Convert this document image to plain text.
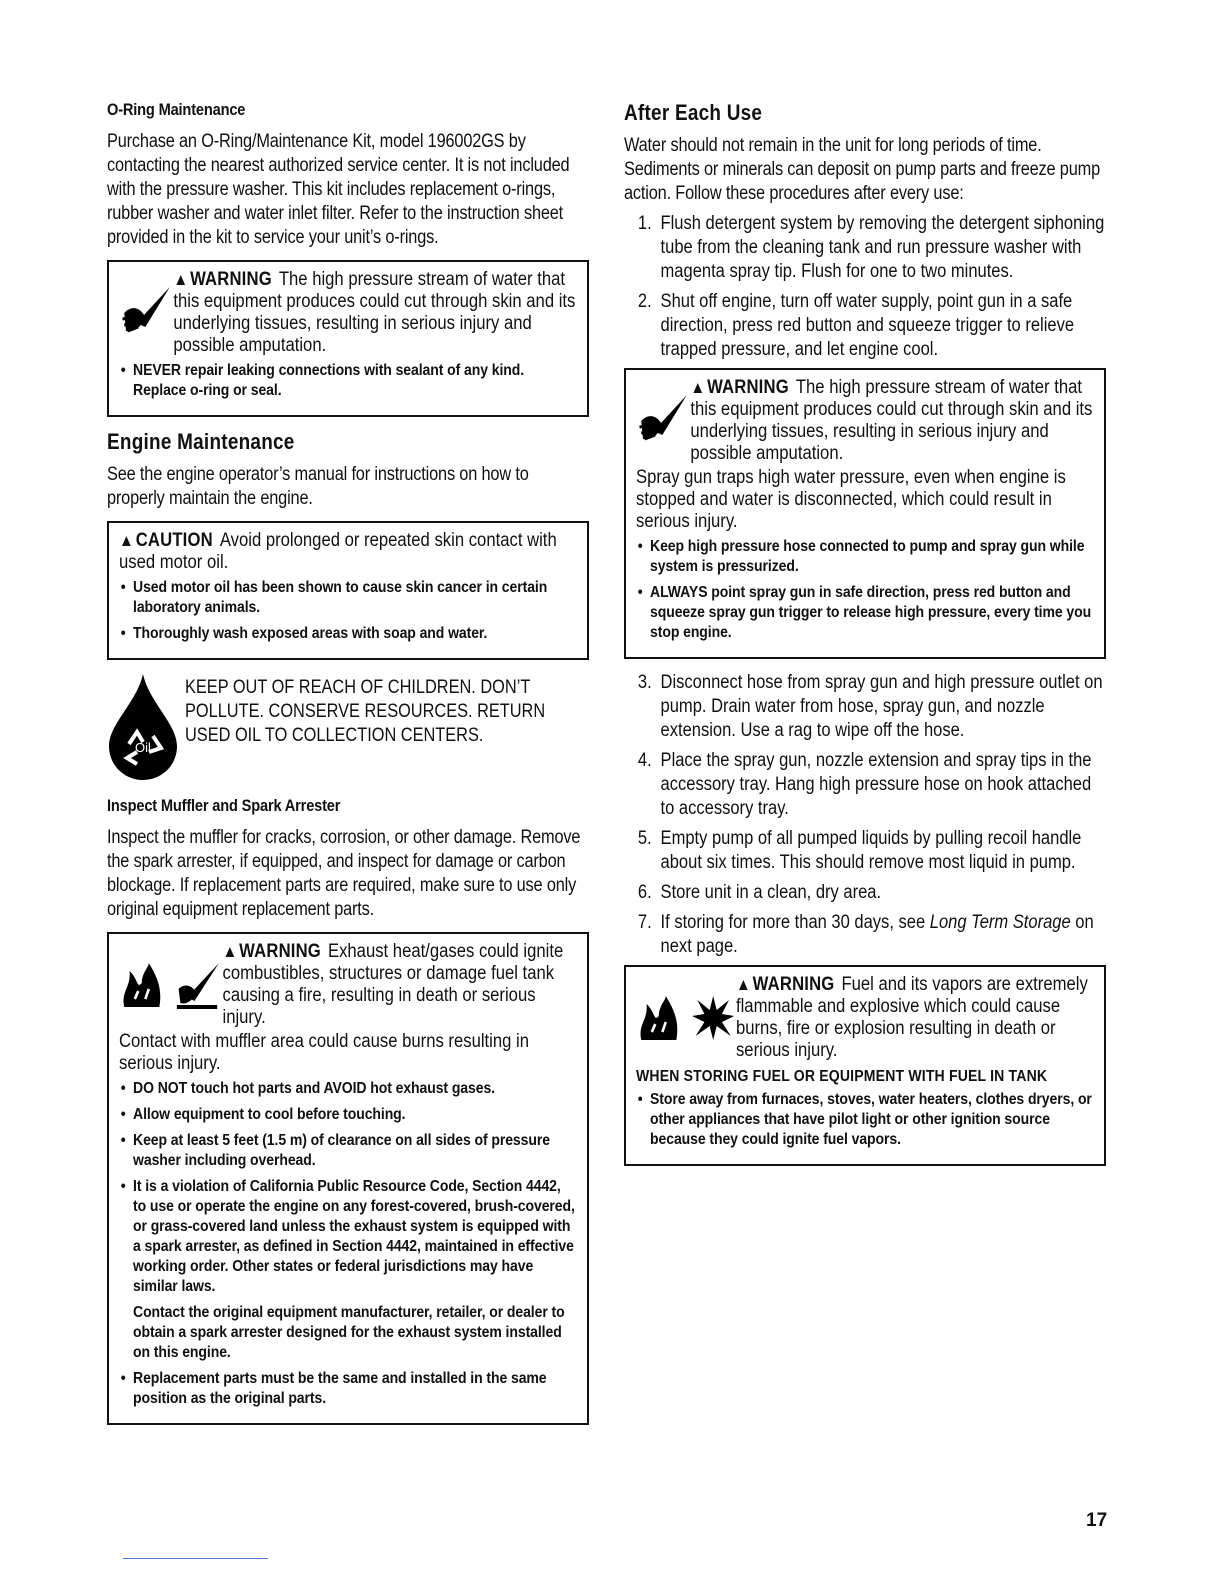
O-Ring Maintenance

Purchase an O-Ring/Maintenance Kit, model 196002GS by contacting the nearest authorized service center. It is not included with the pressure washer. This kit includes replacement o-rings, rubber washer and water inlet filter. Refer to the instruction sheet provided in the kit to service your unit’s o-rings.

▲WARNING The high pressure stream of water that this equipment produces could cut through skin and its underlying tissues, resulting in serious injury and possible amputation.
• NEVER repair leaking connections with sealant of any kind. Replace o-ring or seal.
Engine Maintenance

See the engine operator’s manual for instructions on how to properly maintain the engine.

▲CAUTION Avoid prolonged or repeated skin contact with used motor oil.
• Used motor oil has been shown to cause skin cancer in certain laboratory animals.
• Thoroughly wash exposed areas with soap and water.
Oil
KEEP OUT OF REACH OF CHILDREN. DON’T POLLUTE. CONSERVE RESOURCES. RETURN USED OIL TO COLLECTION CENTERS.
Inspect Muffler and Spark Arrester

Inspect the muffler for cracks, corrosion, or other damage. Remove the spark arrester, if equipped, and inspect for damage or carbon blockage. If replacement parts are required, make sure to use only original equipment replacement parts.

▲WARNING Exhaust heat/gases could ignite combustibles, structures or damage fuel tank causing a fire, resulting in death or serious injury.
Contact with muffler area could cause burns resulting in serious injury.
• DO NOT touch hot parts and AVOID hot exhaust gases.
• Allow equipment to cool before touching.
• Keep at least 5 feet (1.5 m) of clearance on all sides of pressure washer including overhead.
• It is a violation of California Public Resource Code, Section 4442, to use or operate the engine on any forest-covered, brush-covered, or grass-covered land unless the exhaust system is equipped with a spark arrester, as defined in Section 4442, maintained in effective working order. Other states or federal jurisdictions may have similar laws.
Contact the original equipment manufacturer, retailer, or dealer to obtain a spark arrester designed for the exhaust system installed on this engine.
• Replacement parts must be the same and installed in the same position as the original parts.
After Each Use

Water should not remain in the unit for long periods of time. Sediments or minerals can deposit on pump parts and freeze pump action. Follow these procedures after every use:

1. Flush detergent system by removing the detergent siphoning tube from the cleaning tank and run pressure washer with magenta spray tip. Flush for one to two minutes.
2. Shut off engine, turn off water supply, point gun in a safe direction, press red button and squeeze trigger to relieve trapped pressure, and let engine cool.
▲WARNING The high pressure stream of water that this equipment produces could cut through skin and its underlying tissues, resulting in serious injury and possible amputation.
Spray gun traps high water pressure, even when engine is stopped and water is disconnected, which could result in serious injury.
• Keep high pressure hose connected to pump and spray gun while system is pressurized.
• ALWAYS point spray gun in safe direction, press red button and squeeze spray gun trigger to release high pressure, every time you stop engine.
3. Disconnect hose from spray gun and high pressure outlet on pump. Drain water from hose, spray gun, and nozzle extension. Use a rag to wipe off the hose.
4. Place the spray gun, nozzle extension and spray tips in the accessory tray. Hang high pressure hose on hook attached to accessory tray.
5. Empty pump of all pumped liquids by pulling recoil handle about six times. This should remove most liquid in pump.
6. Store unit in a clean, dry area.
7. If storing for more than 30 days, see Long Term Storage on next page.
▲WARNING Fuel and its vapors are extremely flammable and explosive which could cause burns, fire or explosion resulting in death or serious injury.
WHEN STORING FUEL OR EQUIPMENT WITH FUEL IN TANK
• Store away from furnaces, stoves, water heaters, clothes dryers, or other appliances that have pilot light or other ignition source because they could ignite fuel vapors.
17
